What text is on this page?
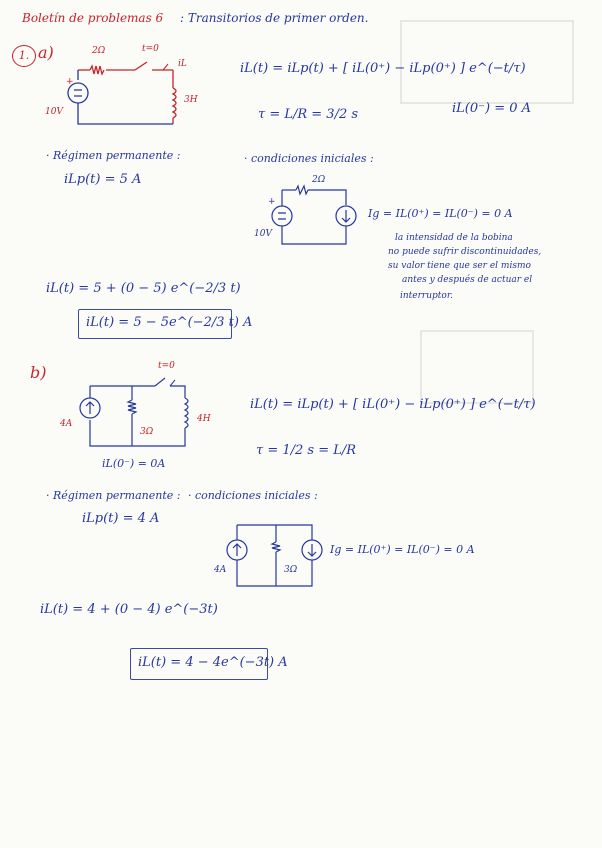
Boletín de problemas 6 : Transitorios de primer orden.
1. a)	2Ω	t=0
iL
3H
10V
+
iL(t) = iLp(t) + [ iL(0⁺) − iLp(0⁺) ] e^(−t/τ)
τ = L/R = 3/2 s	iL(0⁻) = 0 A
· Régimen permanente :
iLp(t) = 5 A
· condiciones iniciales :
2Ω
10V
+
Ig = IL(0⁺) = IL(0⁻) = 0 A
la intensidad de la bobina
no puede sufrir discontinuidades,
su valor tiene que ser el mismo
antes y después de actuar el
interruptor.
iL(t) = 5 + (0 − 5) e^(−2/3 t)
iL(t) = 5 − 5e^(−2/3 t) A
b)
4A
3Ω
4H
t=0
iL(0⁻) = 0A
iL(t) = iLp(t) + [ iL(0⁺) − iLp(0⁺) ] e^(−t/τ)
τ = 1/2 s = L/R
· Régimen permanente :
iLp(t) = 4 A
· condiciones iniciales :
4A	3Ω
Ig = IL(0⁺) = IL(0⁻) = 0 A
iL(t) = 4 + (0 − 4) e^(−3t)
iL(t) = 4 − 4e^(−3t) A
